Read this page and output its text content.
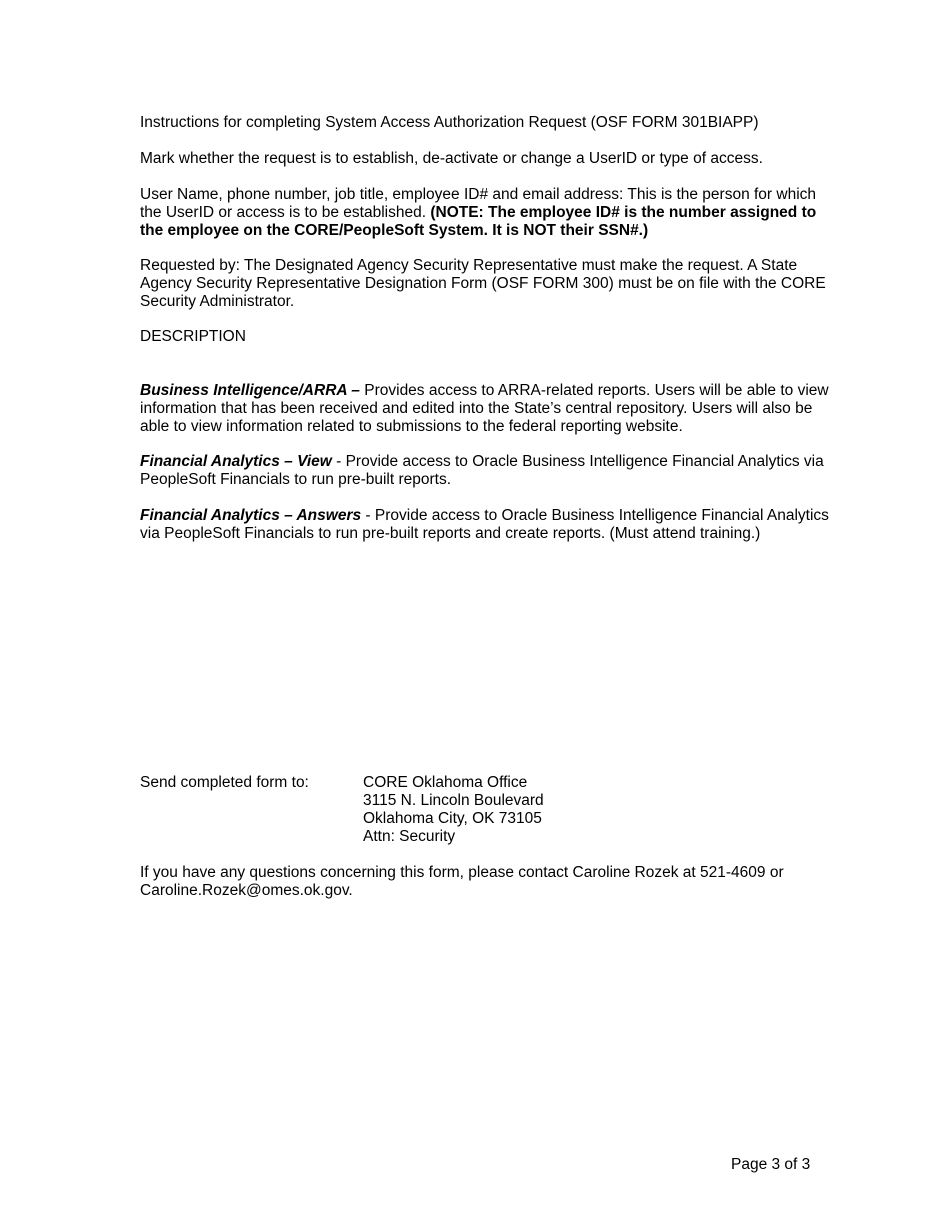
Instructions for completing System Access Authorization Request (OSF FORM 301BIAPP)

Mark whether the request is to establish, de-activate or change a UserID or type of access.

User Name, phone number, job title, employee ID# and email address: This is the person for which the UserID or access is to be established. (NOTE: The employee ID# is the number assigned to the employee on the CORE/PeopleSoft System. It is NOT their SSN#.)

Requested by: The Designated Agency Security Representative must make the request. A State Agency Security Representative Designation Form (OSF FORM 300) must be on file with the CORE Security Administrator.

DESCRIPTION

Business Intelligence/ARRA – Provides access to ARRA-related reports. Users will be able to view information that has been received and edited into the State’s central repository. Users will also be able to view information related to submissions to the federal reporting website.

Financial Analytics – View - Provide access to Oracle Business Intelligence Financial Analytics via PeopleSoft Financials to run pre-built reports.

Financial Analytics – Answers - Provide access to Oracle Business Intelligence Financial Analytics via PeopleSoft Financials to run pre-built reports and create reports. (Must attend training.)

Send completed form to:	CORE Oklahoma Office
3115 N. Lincoln Boulevard
Oklahoma City, OK 73105
Attn: Security

If you have any questions concerning this form, please contact Caroline Rozek at 521-4609 or Caroline.Rozek@omes.ok.gov.

Page 3 of 3
